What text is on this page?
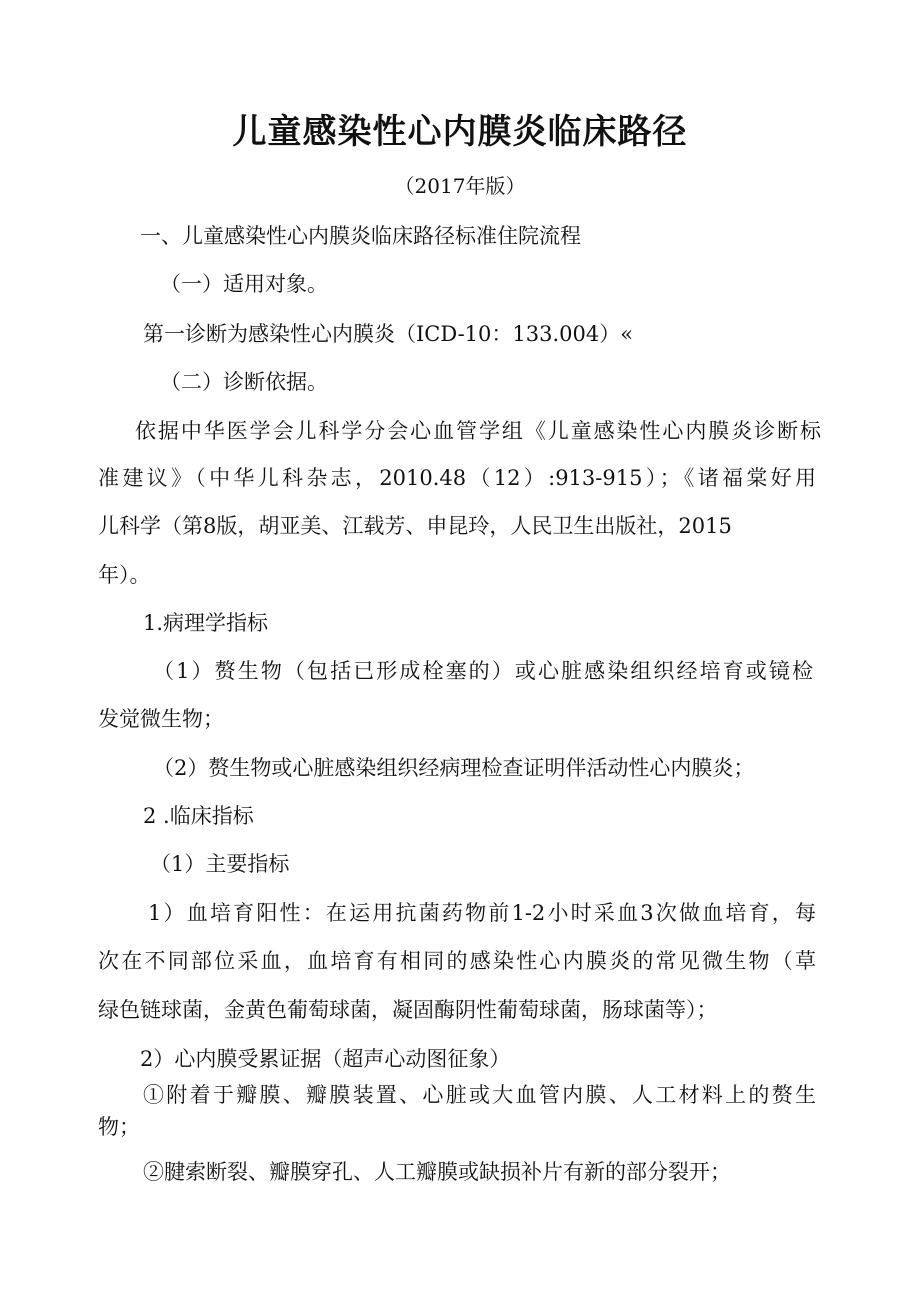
儿童感染性心内膜炎临床路径

（2017年版）

一、儿童感染性心内膜炎临床路径标准住院流程

（一）适用对象。

第一诊断为感染性心内膜炎（ICD-10：133.004）«

（二）诊断依据。

依据中华医学会儿科学分会心血管学组《儿童感染性心内膜炎诊断标

准建议》（中华儿科杂志，2010.48（12）:913-915）；《诸福棠好用

儿科学（第8版，胡亚美、江载芳、申昆玲，人民卫生出版社，2015

年）。

1.病理学指标

（1）赘生物（包括已形成栓塞的）或心脏感染组织经培育或镜检

发觉微生物；

（2）赘生物或心脏感染组织经病理检查证明伴活动性心内膜炎；

2 .临床指标

（1）主要指标

1）血培育阳性：在运用抗菌药物前1-2小时采血3次做血培育，每

次在不同部位采血，血培育有相同的感染性心内膜炎的常见微生物（草

绿色链球菌，金黄色葡萄球菌，凝固酶阴性葡萄球菌，肠球菌等）；

2）心内膜受累证据（超声心动图征象）

①附着于瓣膜、瓣膜装置、心脏或大血管内膜、人工材料上的赘生

物；

②腱索断裂、瓣膜穿孔、人工瓣膜或缺损补片有新的部分裂开；
